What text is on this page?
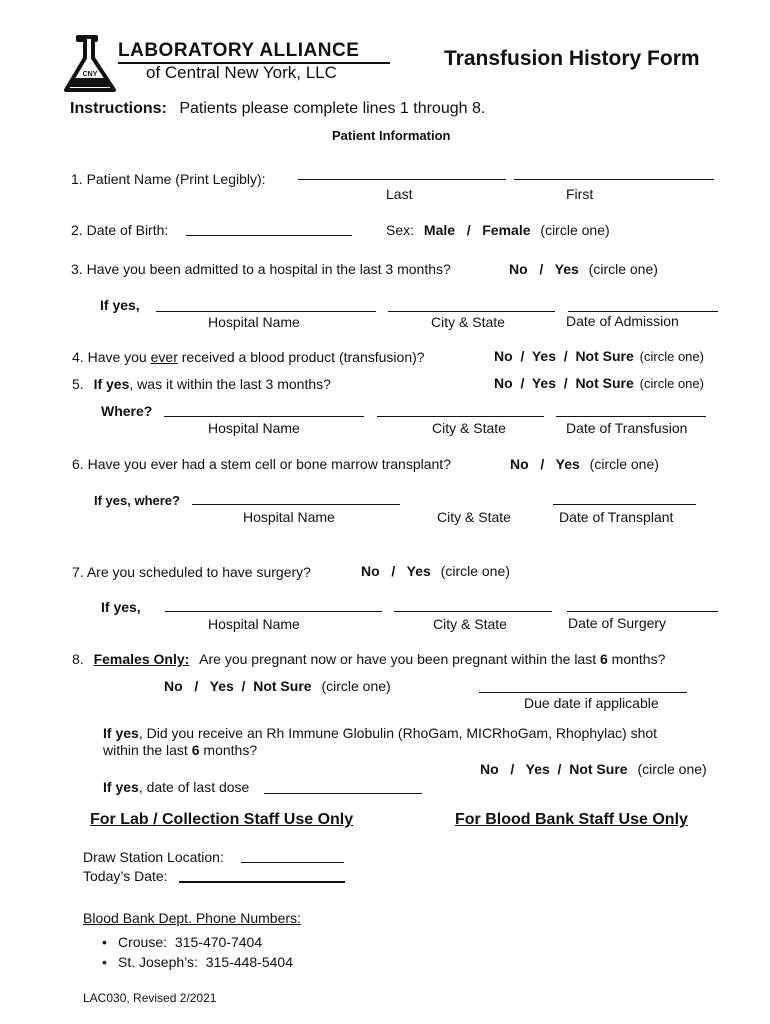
CNY
LABORATORY ALLIANCE
of Central New York, LLC
Transfusion History Form
Instructions: Patients please complete lines 1 through 8.
Patient Information
1. Patient Name (Print Legibly):
Last	First
2. Date of Birth:	Sex: Male   /   Female (circle one)
3. Have you been admitted to a hospital in the last 3 months?	No   /   Yes (circle one)
If yes,
Hospital Name	City & State	Date of Admission
4. Have you ever received a blood product (transfusion)?	No  /  Yes  /  Not Sure (circle one)
5. If yes, was it within the last 3 months?	No  /  Yes  /  Not Sure (circle one)
Where?
Hospital Name	City & State	Date of Transfusion
6. Have you ever had a stem cell or bone marrow transplant?	No   /   Yes (circle one)
If yes, where?
Hospital Name	City & State	Date of Transplant
7. Are you scheduled to have surgery?	No   /   Yes (circle one)
If yes,
Hospital Name	City & State	Date of Surgery
8. Females Only: Are you pregnant now or have you been pregnant within the last 6 months?
No   /   Yes  /  Not Sure (circle one)
Due date if applicable
If yes, Did you receive an Rh Immune Globulin (RhoGam, MICRhoGam, Rhophylac) shot
within the last 6 months?
No   /   Yes  /  Not Sure (circle one)
If yes, date of last dose
For Lab / Collection Staff Use Only	For Blood Bank Staff Use Only
Draw Station Location:
Today’s Date:
Blood Bank Dept. Phone Numbers:
• Crouse: 315-470-7404
• St. Joseph’s: 315-448-5404
LAC030, Revised 2/2021
